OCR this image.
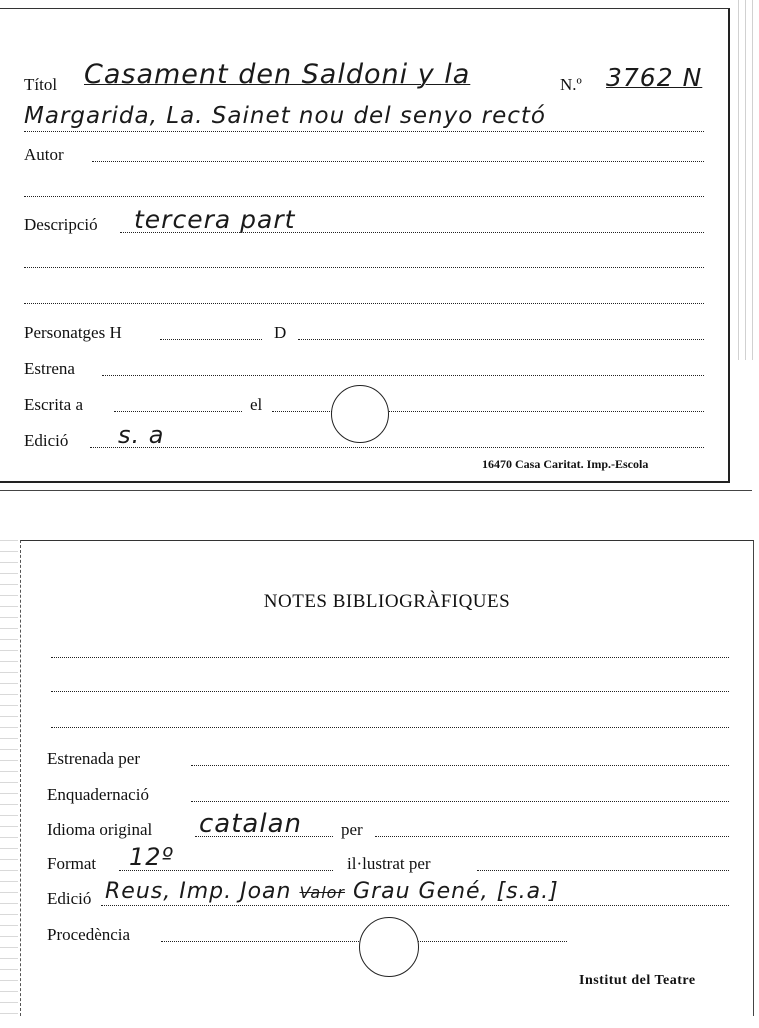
Títol Casament den Saldoni y la	N.º 3762 N
Margarida, La. Sainet nou del senyo rectó
Autor
Descripció tercera part
Personatges H	D
Estrena
Escrita a	el
Edició s. a
16470 Casa Caritat. Imp.-Escola
NOTES BIBLIOGRÀFIQUES
Estrenada per
Enquadernació
Idioma original catalan per
Format 12º	il·lustrat per
Edició Reus, Imp. Joan Valor Grau Gené, [s.a.]
Procedència
Institut del Teatre
